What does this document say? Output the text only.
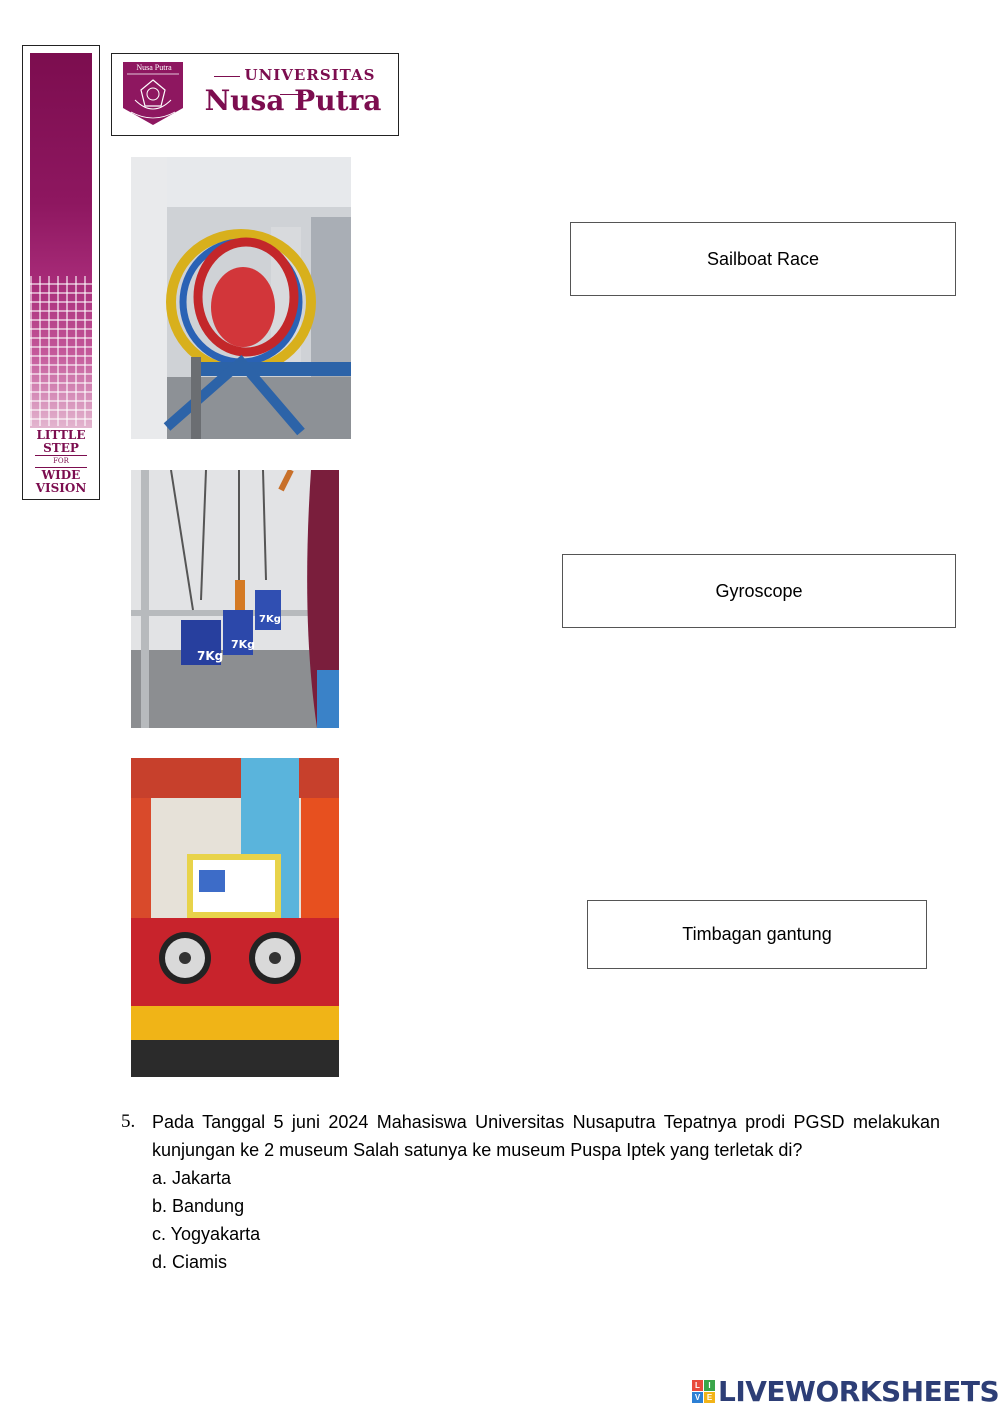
LITTLE
STEP
FOR
WIDE
VISION
Nusa Putra	UNIVERSITAS
Nusa Putra
7Kg
7Kg
7Kg
Sailboat Race
Gyroscope
Timbagan gantung
5. Pada Tanggal 5 juni 2024 Mahasiswa Universitas Nusaputra Tepatnya prodi PGSD melakukan kunjungan ke 2 museum Salah satunya ke museum Puspa Iptek yang terletak di?

a. Jakarta
b. Bandung
c. Yogyakarta
d. Ciamis
L	I
V E LIVEWORKSHEETS
